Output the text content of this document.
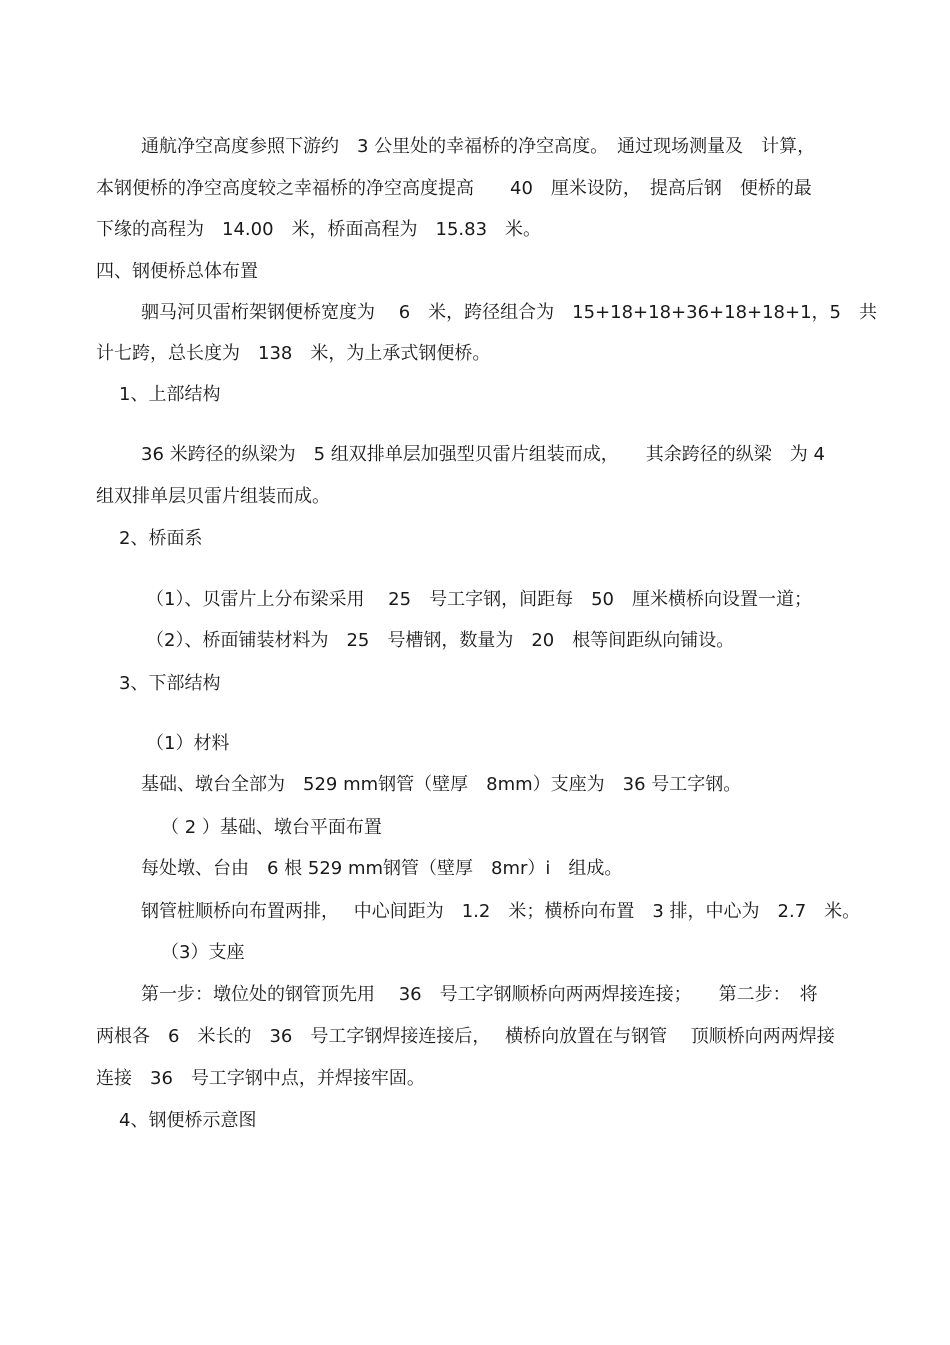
通航净空高度参照下游约　3 公里处的幸福桥的净空高度。　通过现场测量及　计算，

本钢便桥的净空高度较之幸福桥的净空高度提高　　40　厘米设防，　提高后钢　便桥的最

下缘的高程为　14.00　米，桥面高程为　15.83　米。

四、钢便桥总体布置

驷马河贝雷桁架钢便桥宽度为　 6　米，跨径组合为　15+18+18+36+18+18+1，5　共

计七跨，总长度为　138　米，为上承式钢便桥。

1、上部结构

36 米跨径的纵梁为　5 组双排单层加强型贝雷片组装而成，　　其余跨径的纵梁　为 4

组双排单层贝雷片组装而成。

2、桥面系

（1）、贝雷片上分布梁采用　 25　号工字钢，间距每　50　厘米横桥向设置一道；

（2）、桥面铺装材料为　25　号槽钢，数量为　20　根等间距纵向铺设。

3、下部结构

（1）材料

基础、墩台全部为　529 mm钢管（壁厚　8mm）支座为　36 号工字钢。

（ 2 ）基础、墩台平面布置

每处墩、台由　6 根 529 mm钢管（壁厚　8mr）i　组成。

钢管桩顺桥向布置两排，　 中心间距为　1.2　米；横桥向布置　3 排，中心为　2.7　米。

（3）支座

第一步：墩位处的钢管顶先用　 36　号工字钢顺桥向两两焊接连接；　　第二步：　将

两根各　6　米长的　36　号工字钢焊接连接后，　 横桥向放置在与钢管　 顶顺桥向两两焊接

连接　36　号工字钢中点，并焊接牢固。

4、钢便桥示意图
